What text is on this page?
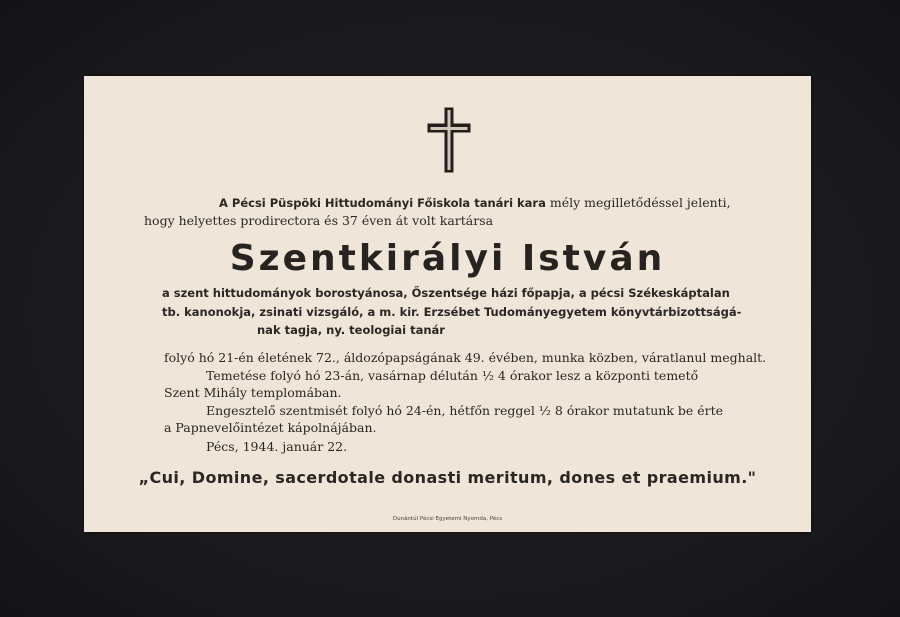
A Pécsi Püspöki Hittudományi Főiskola tanári kara mély megilletődéssel jelenti,
hogy helyettes prodirectora és 37 éven át volt kartársa
Szentkirályi István
a szent hittudományok borostyánosa, Őszentsége házi főpapja, a pécsi Székeskáptalan
tb. kanonokja, zsinati vizsgáló, a m. kir. Erzsébet Tudományegyetem könyvtárbizottságá-
nak tagja, ny. teologiai tanár
folyó hó 21-én életének 72., áldozópapságának 49. évében, munka közben, váratlanul meghalt.
Temetése folyó hó 23-án, vasárnap délután ½ 4 órakor lesz a központi temető
Szent Mihály templomában.
Engesztelő szentmisét folyó hó 24-én, hétfőn reggel ½ 8 órakor mutatunk be érte
a Papnevelőintézet kápolnájában.
Pécs, 1944. január 22.
„Cui, Domine, sacerdotale donasti meritum, dones et praemium."
Dunántúl Pécsi Egyetemi Nyomda, Pécs
